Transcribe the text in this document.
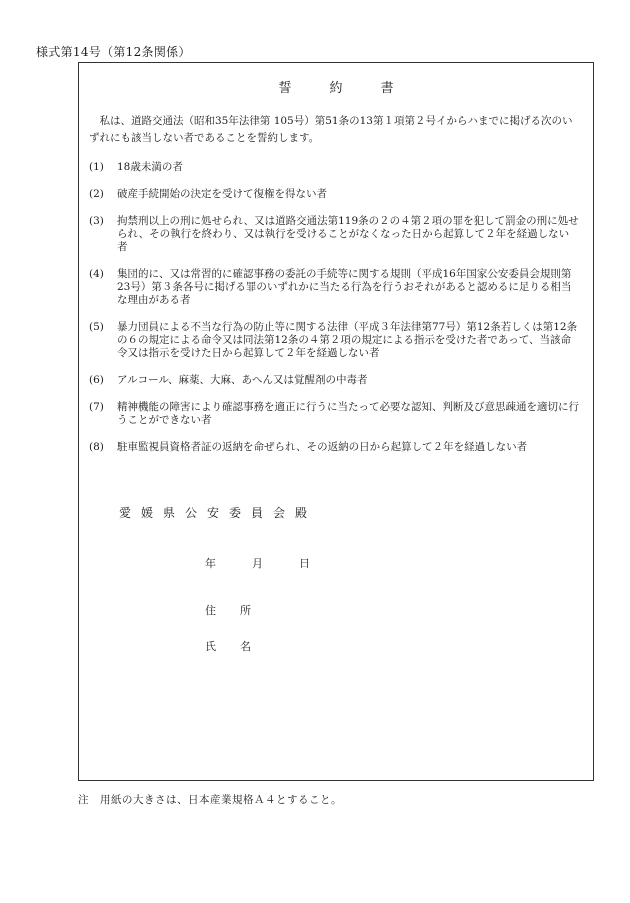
様式第14号（第12条関係）
誓約書
私は、道路交通法（昭和35年法律第 105号）第51条の13第１項第２号イからハまでに掲げる次のいずれにも該当しない者であることを誓約します。
(1)	18歳未満の者
(2)	破産手続開始の決定を受けて復権を得ない者
(3)	拘禁刑以上の刑に処せられ、又は道路交通法第119条の２の４第２項の罪を犯して罰金の刑に処せられ、その執行を終わり、又は執行を受けることがなくなった日から起算して２年を経過しない者
(4)	集団的に、又は常習的に確認事務の委託の手続等に関する規則（平成16年国家公安委員会規則第23号）第３条各号に掲げる罪のいずれかに当たる行為を行うおそれがあると認めるに足りる相当な理由がある者
(5)	暴力団員による不当な行為の防止等に関する法律（平成３年法律第77号）第12条若しくは第12条の６の規定による命令又は同法第12条の４第２項の規定による指示を受けた者であって、当該命令又は指示を受けた日から起算して２年を経過しない者
(6)	アルコール、麻薬、大麻、あへん又は覚醒剤の中毒者
(7)	精神機能の障害により確認事務を適正に行うに当たって必要な認知、判断及び意思疎通を適切に行うことができない者
(8)	駐車監視員資格者証の返納を命ぜられ、その返納の日から起算して２年を経過しない者
愛媛県公安委員会殿
年	月	日
住所
氏名
注　用紙の大きさは、日本産業規格Ａ４とすること。
